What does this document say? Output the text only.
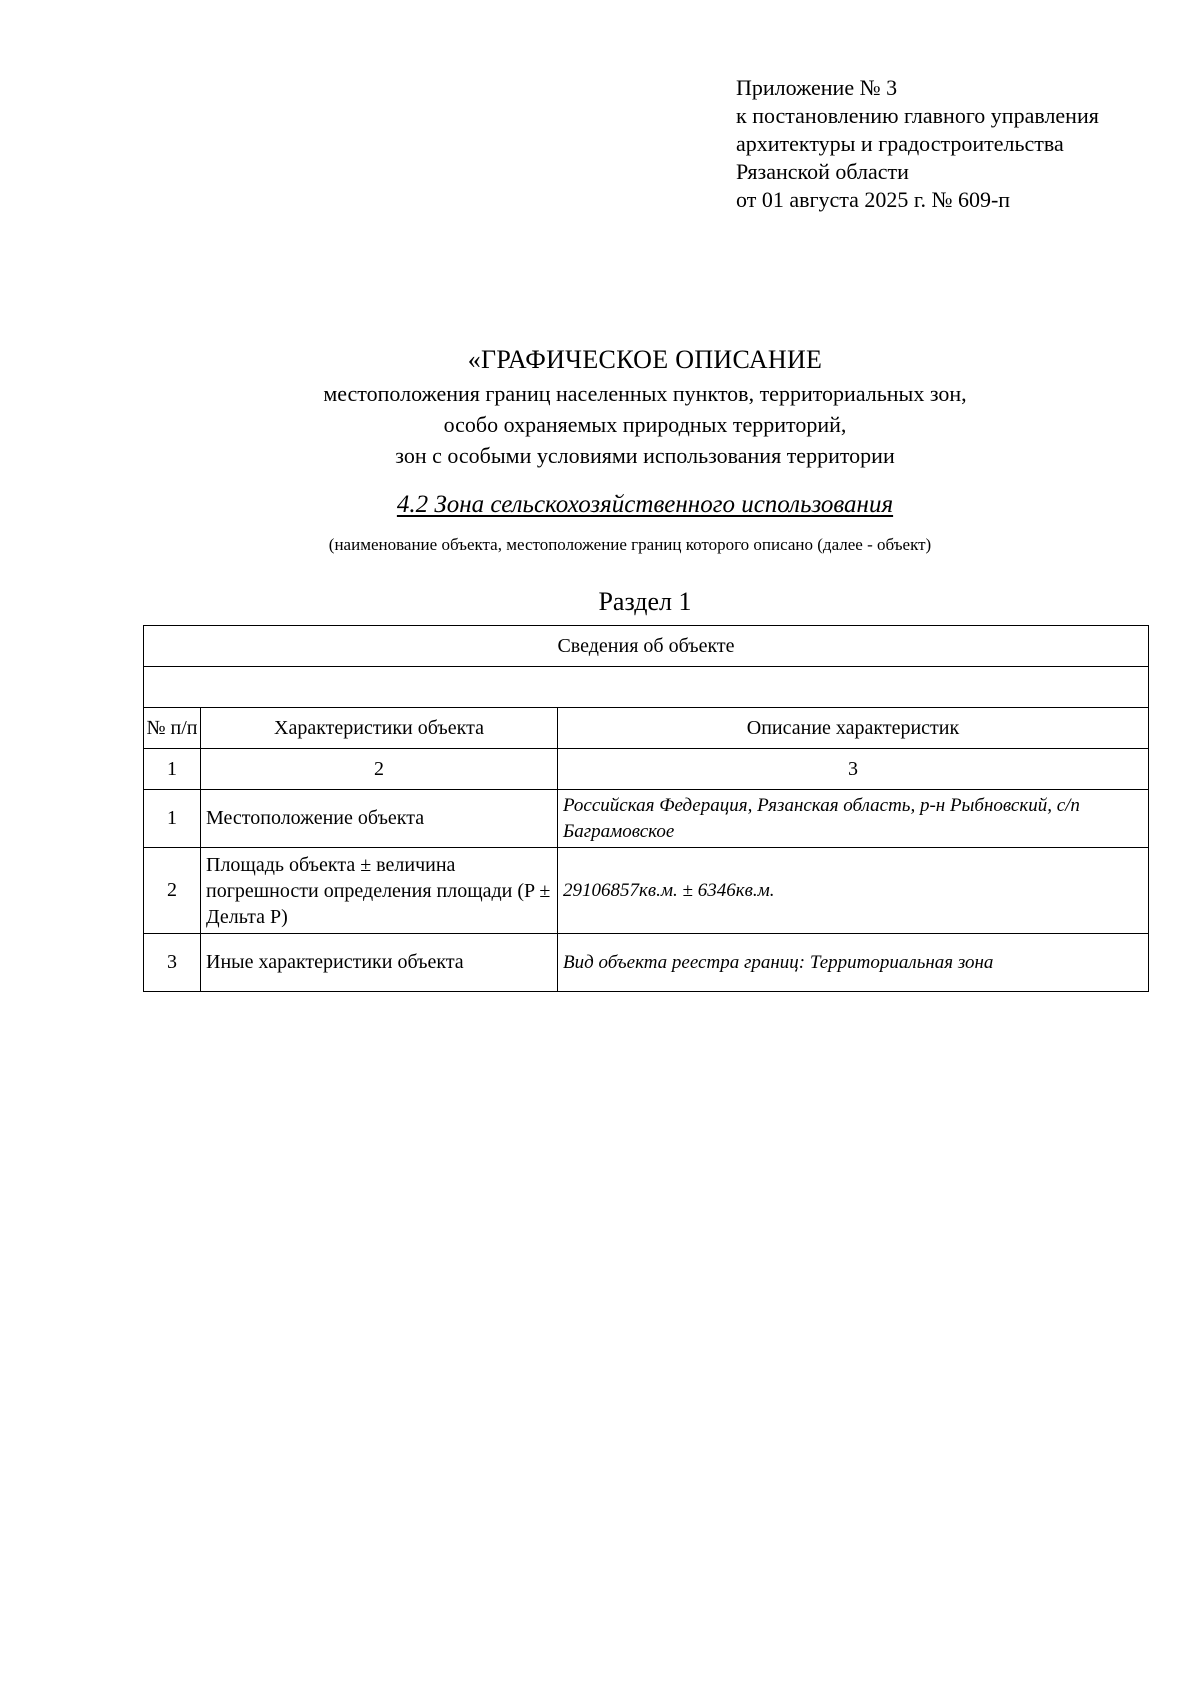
Приложение № 3
к постановлению главного управления
архитектуры и градостроительства
Рязанской области
от 01 августа 2025 г. № 609-п
«ГРАФИЧЕСКОЕ ОПИСАНИЕ
местоположения границ населенных пунктов, территориальных зон,
особо охраняемых природных территорий,
зон с особыми условиями использования территории
4.2 Зона сельскохозяйственного использования
(наименование объекта, местоположение границ которого описано (далее - объект)
Раздел 1
Сведения об объекте		

№ п/п	Характеристики объекта	Описание характеристик
1	2	3
1	Местоположение объекта	Российская Федерация, Рязанская область, р-н Рыбновский, с/п Баграмовское
2	Площадь объекта ± величина погрешности определения площади (P ± Дельта P)	29106857кв.м. ± 6346кв.м.
3	Иные характеристики объекта	Вид объекта реестра границ: Территориальная зона
